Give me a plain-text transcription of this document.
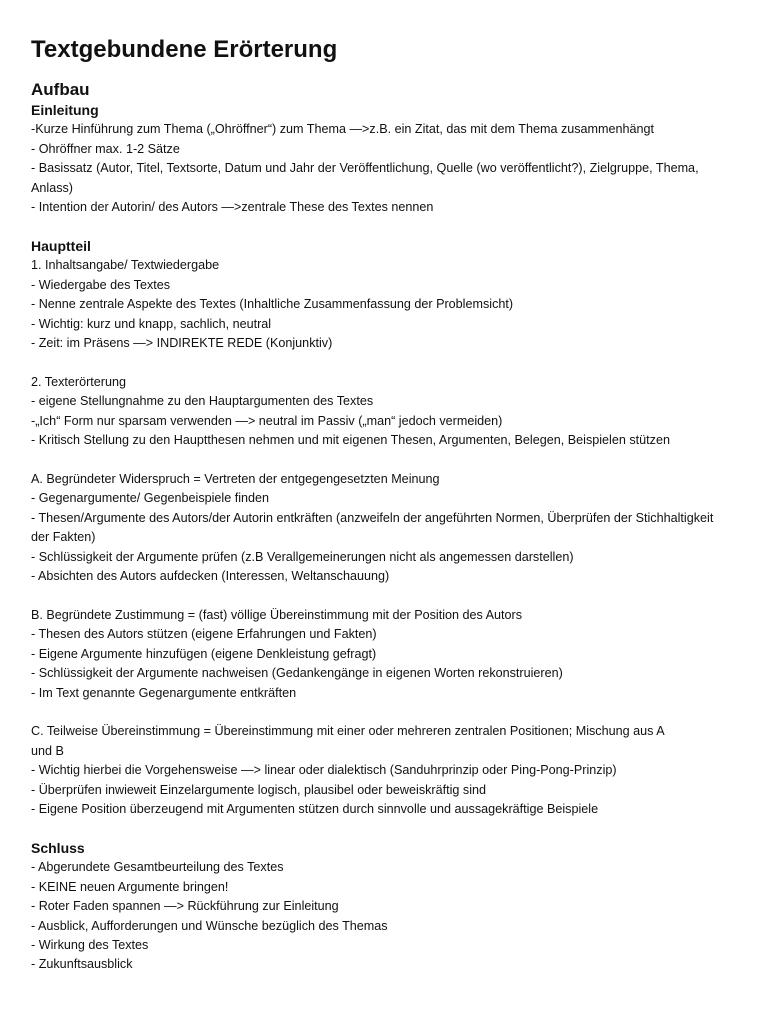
Textgebundene Erörterung
Aufbau
Einleitung
-Kurze Hinführung zum Thema („Ohröffner“) zum Thema —>z.B. ein Zitat, das mit dem Thema zusammenhängt
- Ohröffner max. 1-2 Sätze
- Basissatz (Autor, Titel, Textsorte, Datum und Jahr der Veröffentlichung, Quelle (wo veröffentlicht?), Zielgruppe, Thema,
Anlass)
- Intention der Autorin/ des Autors —>zentrale These des Textes nennen
Hauptteil
1. Inhaltsangabe/ Textwiedergabe
- Wiedergabe des Textes
- Nenne zentrale Aspekte des Textes (Inhaltliche Zusammenfassung der Problemsicht)
- Wichtig: kurz und knapp, sachlich, neutral
- Zeit: im Präsens —> INDIREKTE REDE (Konjunktiv)
2. Texterörterung
- eigene Stellungnahme zu den Hauptargumenten des Textes
-„Ich“ Form nur sparsam verwenden —> neutral im Passiv („man“ jedoch vermeiden)
- Kritisch Stellung zu den Hauptthesen nehmen und mit eigenen Thesen, Argumenten, Belegen, Beispielen stützen
A. Begründeter Widerspruch = Vertreten der entgegengesetzten Meinung
- Gegenargumente/ Gegenbeispiele finden
- Thesen/Argumente des Autors/der Autorin entkräften (anzweifeln der angeführten Normen, Überprüfen der Stichhaltigkeit
der Fakten)
- Schlüssigkeit der Argumente prüfen (z.B Verallgemeinerungen nicht als angemessen darstellen)
- Absichten des Autors aufdecken (Interessen, Weltanschauung)
B. Begründete Zustimmung = (fast) völlige Übereinstimmung mit der Position des Autors
- Thesen des Autors stützen (eigene Erfahrungen und Fakten)
- Eigene Argumente hinzufügen (eigene Denkleistung gefragt)
- Schlüssigkeit der Argumente nachweisen (Gedankengänge in eigenen Worten rekonstruieren)
- Im Text genannte Gegenargumente entkräften
C. Teilweise Übereinstimmung = Übereinstimmung mit einer oder mehreren zentralen Positionen; Mischung aus A
und B
- Wichtig hierbei die Vorgehensweise —> linear oder dialektisch (Sanduhrprinzip oder Ping-Pong-Prinzip)
- Überprüfen inwieweit Einzelargumente logisch, plausibel oder beweiskräftig sind
- Eigene Position überzeugend mit Argumenten stützen durch sinnvolle und aussagekräftige Beispiele
Schluss
- Abgerundete Gesamtbeurteilung des Textes
- KEINE neuen Argumente bringen!
- Roter Faden spannen —> Rückführung zur Einleitung
- Ausblick, Aufforderungen und Wünsche bezüglich des Themas
- Wirkung des Textes
- Zukunftsausblick
